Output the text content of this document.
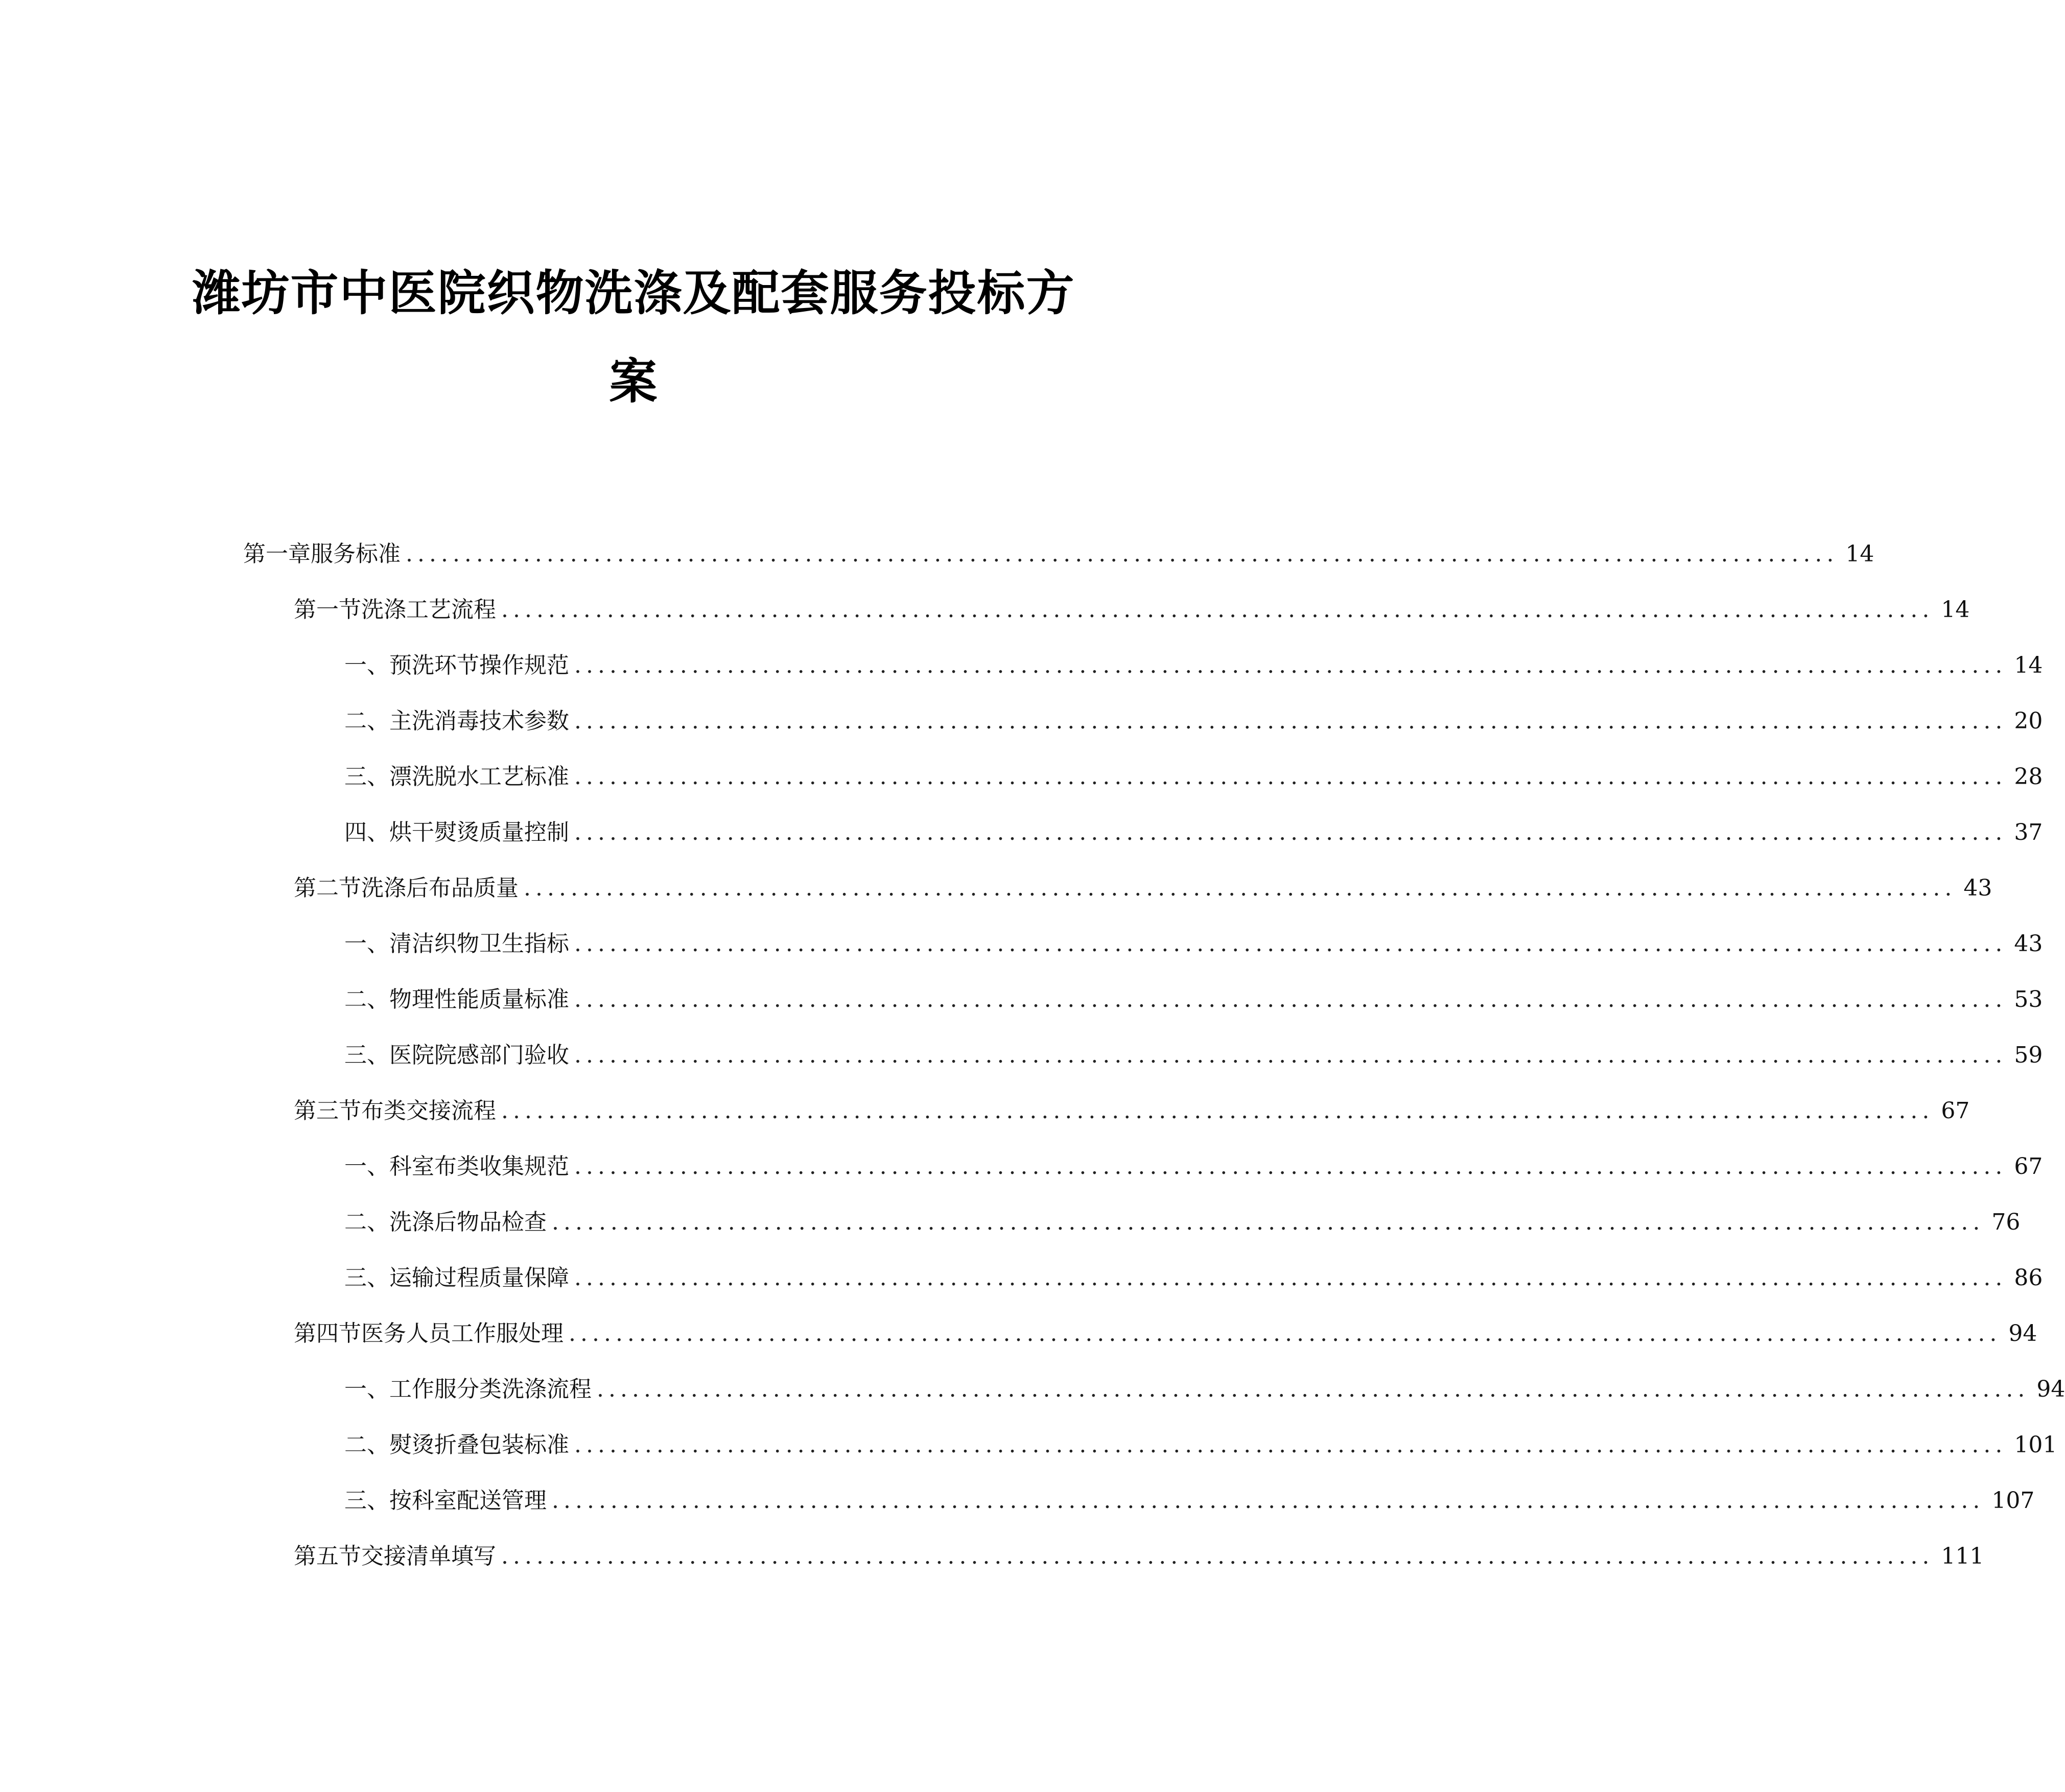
潍坊市中医院织物洗涤及配套服务投标方
案
第一章 服务标准 .......................................................................................................................... 14
第一节 洗涤工艺流程 .......................................................................................................................... 14
一、 预洗环节操作规范 .......................................................................................................................... 14
二、 主洗消毒技术参数 .......................................................................................................................... 20
三、 漂洗脱水工艺标准 .......................................................................................................................... 28
四、 烘干熨烫质量控制 .......................................................................................................................... 37
第二节 洗涤后布品质量 .......................................................................................................................... 43
一、 清洁织物卫生指标 .......................................................................................................................... 43
二、 物理性能质量标准 .......................................................................................................................... 53
三、 医院院感部门验收 .......................................................................................................................... 59
第三节 布类交接流程 .......................................................................................................................... 67
一、 科室布类收集规范 .......................................................................................................................... 67
二、 洗涤后物品检查 .......................................................................................................................... 76
三、 运输过程质量保障 .......................................................................................................................... 86
第四节 医务人员工作服处理 .......................................................................................................................... 94
一、 工作服分类洗涤流程 .......................................................................................................................... 94
二、 熨烫折叠包装标准 .......................................................................................................................... 101
三、 按科室配送管理 .......................................................................................................................... 107
第五节 交接清单填写 .......................................................................................................................... 111
